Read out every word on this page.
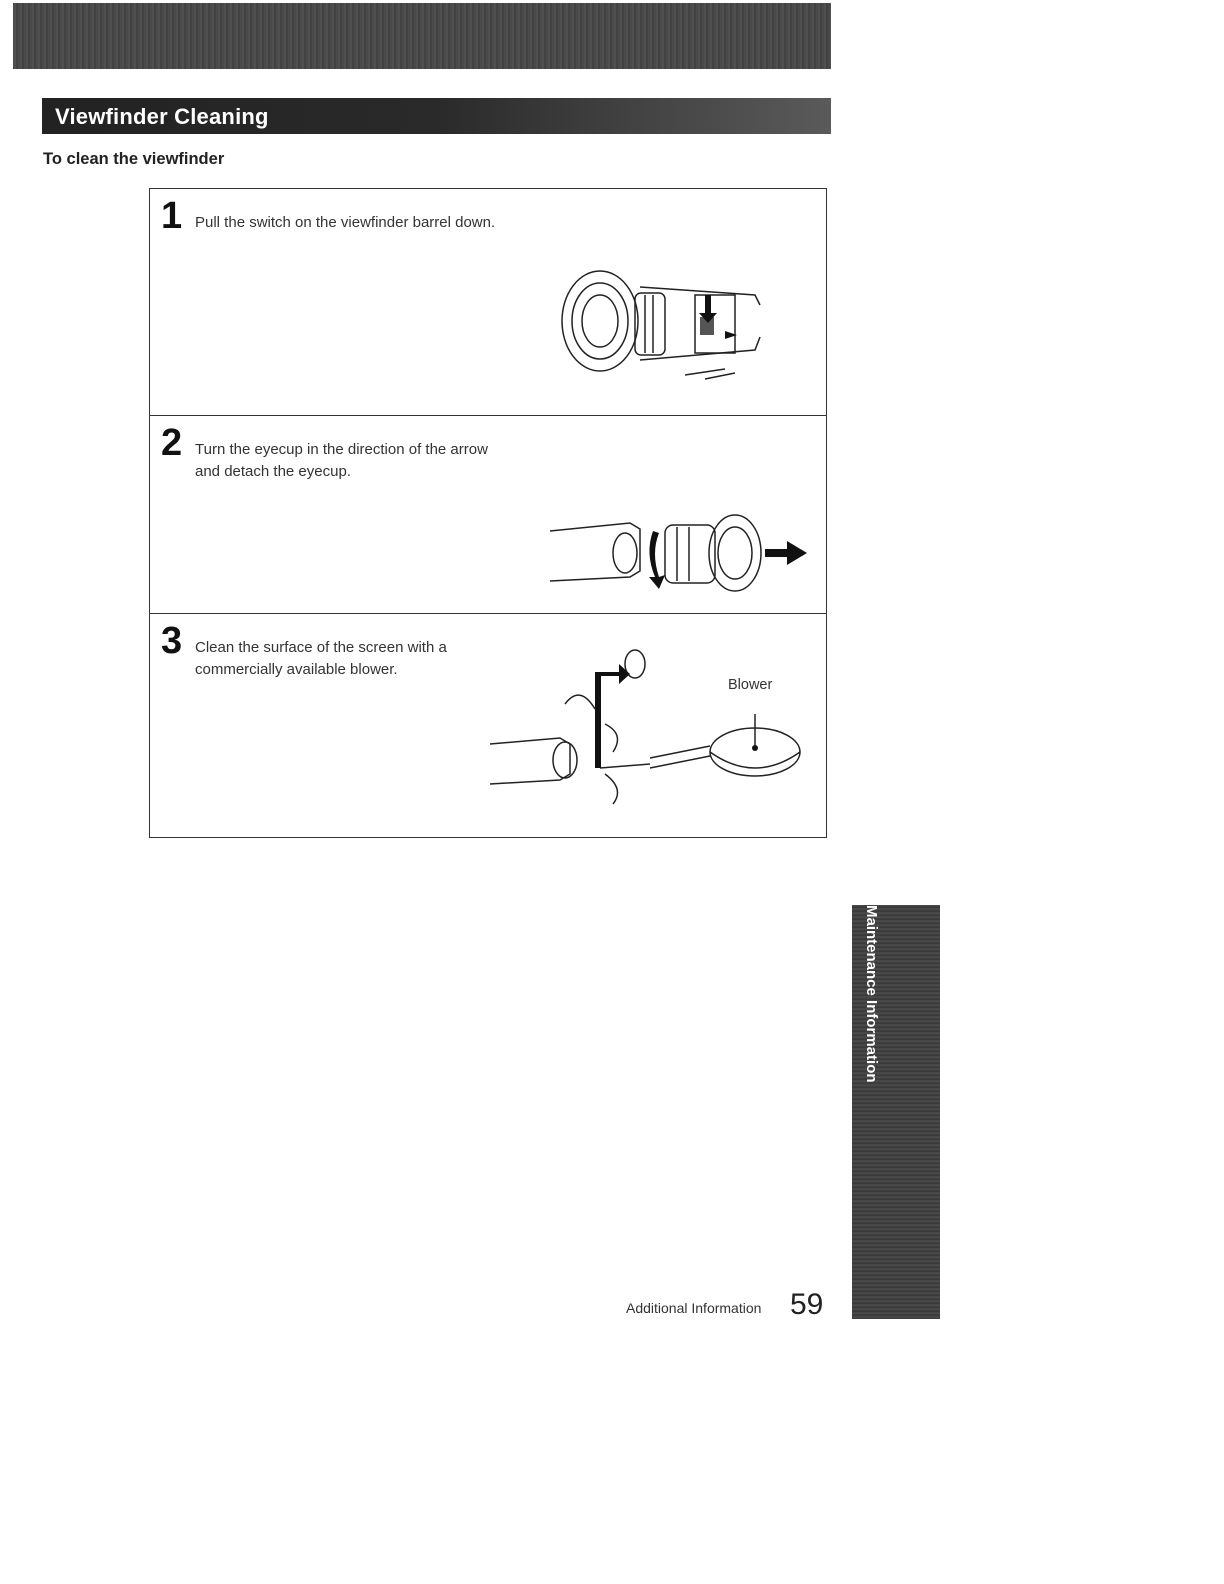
Viewfinder Cleaning
To clean the viewfinder
1 Pull the switch on the viewfinder barrel down.
2 Turn the eyecup in the direction of the arrow
and detach the eyecup.
3 Clean the surface of the screen with a
commercially available blower.
Blower
Maintenance Information
Additional Information 59
